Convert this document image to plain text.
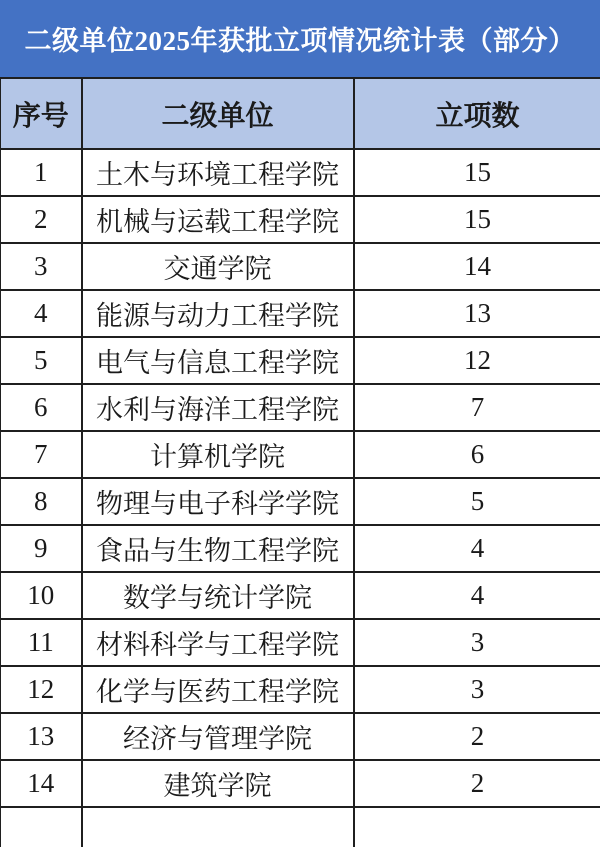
二级单位2025年获批立项情况统计表（部分）
序号	二级单位	立项数
1	土木与环境工程学院	15
2	机械与运载工程学院	15
3	交通学院	14
4	能源与动力工程学院	13
5	电气与信息工程学院	12
6	水利与海洋工程学院	7
7	计算机学院	6
8	物理与电子科学学院	5
9	食品与生物工程学院	4
10	数学与统计学院	4
11	材料科学与工程学院	3
12	化学与医药工程学院	3
13	经济与管理学院	2
14	建筑学院	2
